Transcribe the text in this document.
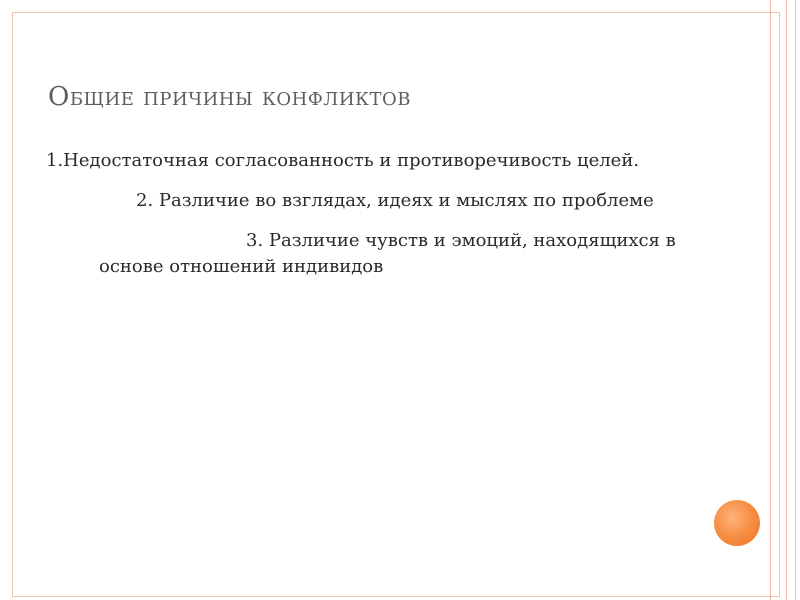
Общие причины конфликтов

1.Недостаточная согласованность и противоречивость целей.

2. Различие во взглядах, идеях и мыслях по проблеме

3. Различие чувств и эмоций, находящихся в основе отношений индивидов
